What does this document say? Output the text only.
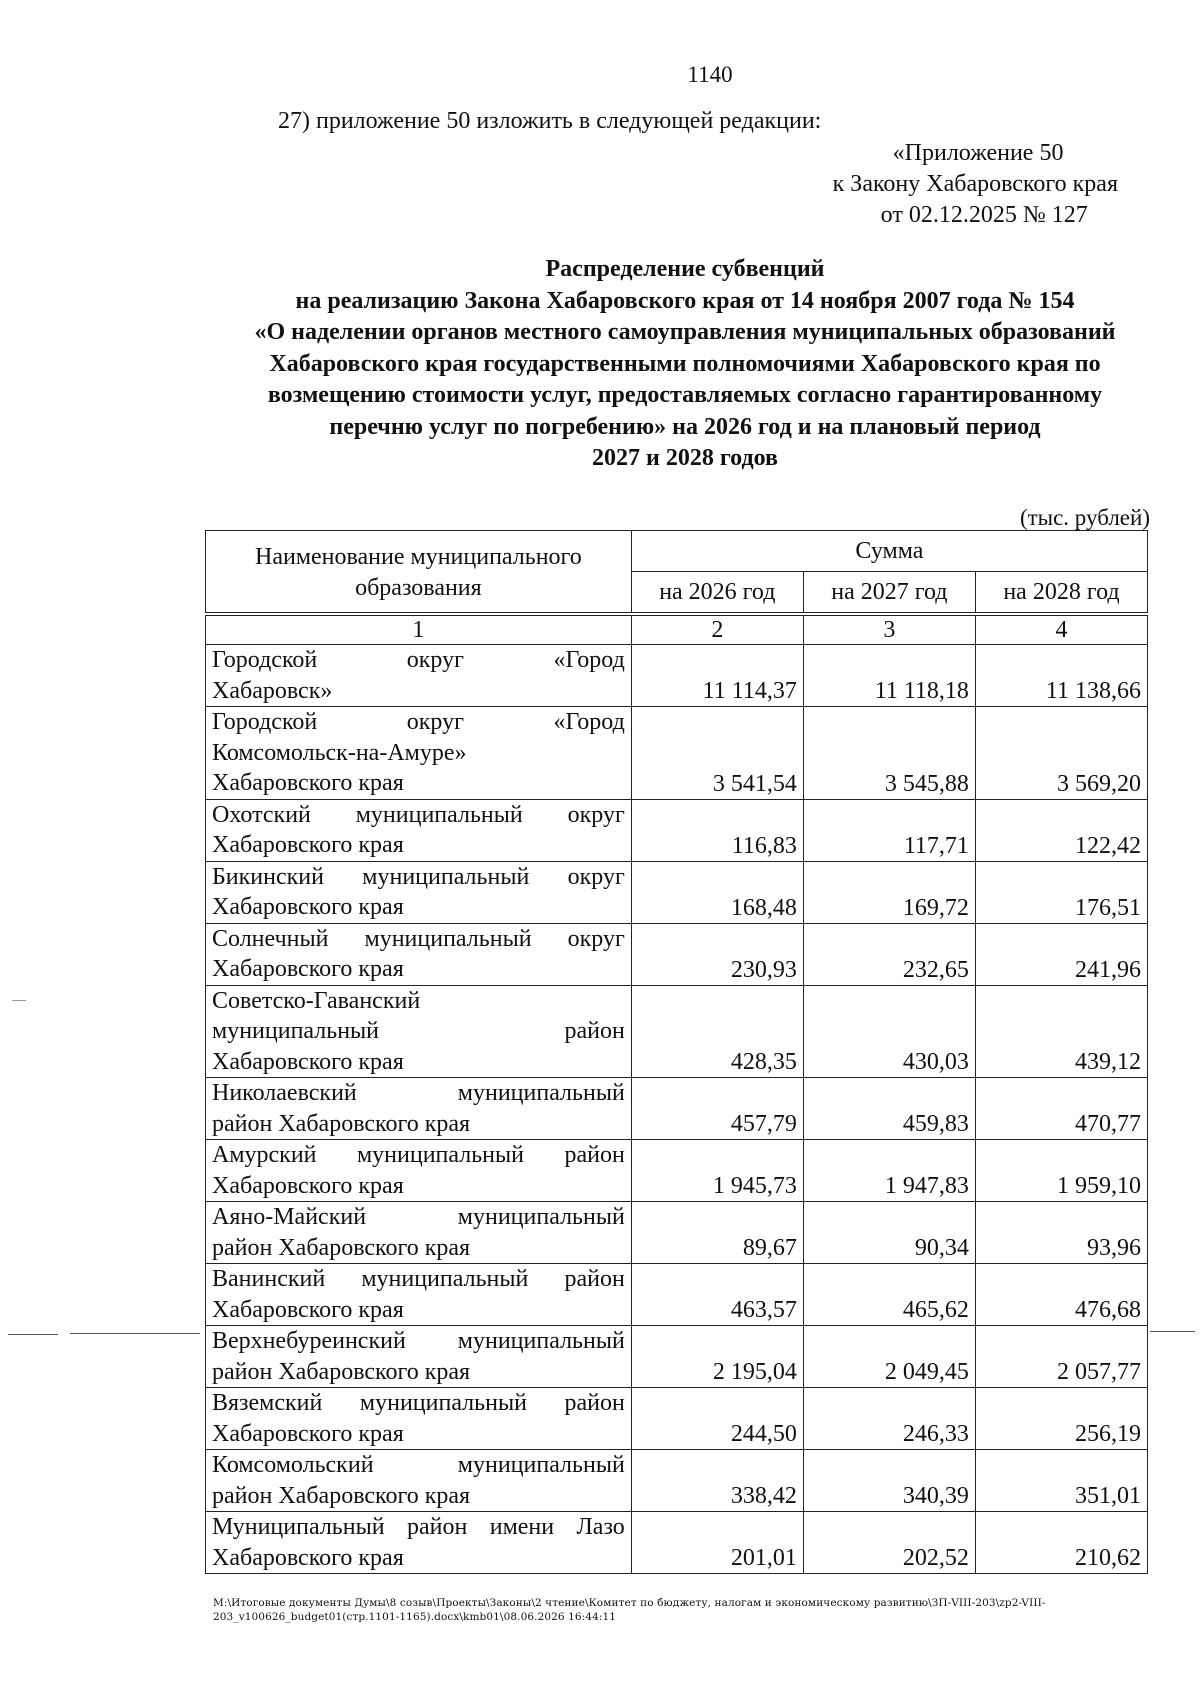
1140
27) приложение 50 изложить в следующей редакции:
«Приложение 50
к Закону Хабаровского края
от 02.12.2025 № 127
Распределение субвенций
на реализацию Закона Хабаровского края от 14 ноября 2007 года № 154
«О наделении органов местного самоуправления муниципальных образований
Хабаровского края государственными полномочиями Хабаровского края по
возмещению стоимости услуг, предоставляемых согласно гарантированному
перечню услуг по погребению» на 2026 год и на плановый период
2027 и 2028 годов
(тыс. рублей)
Наименование муниципального образования	Сумма		
	на 2026 год	на 2027 год	на 2028 год
1	2	3	4

Городской округ «Город
Хабаровск»	11 114,37	11 118,18	11 138,66

Городской округ «Город
Комсомольск-на-Амуре»
Хабаровского края	3 541,54	3 545,88	3 569,20

Охотский муниципальный округ
Хабаровского края	116,83	117,71	122,42

Бикинский муниципальный округ
Хабаровского края	168,48	169,72	176,51

Солнечный муниципальный округ
Хабаровского края	230,93	232,65	241,96

Советско-Гаванский
муниципальный район
Хабаровского края	428,35	430,03	439,12

Николаевский муниципальный
район Хабаровского края	457,79	459,83	470,77

Амурский муниципальный район
Хабаровского края	1 945,73	1 947,83	1 959,10

Аяно-Майский муниципальный
район Хабаровского края	89,67	90,34	93,96

Ванинский муниципальный район
Хабаровского края	463,57	465,62	476,68

Верхнебуреинский муниципальный
район Хабаровского края	2 195,04	2 049,45	2 057,77

Вяземский муниципальный район
Хабаровского края	244,50	246,33	256,19

Комсомольский муниципальный
район Хабаровского края	338,42	340,39	351,01

Муниципальный район имени Лазо
Хабаровского края	201,01	202,52	210,62
M:\Итоговые документы Думы\8 созыв\Проекты\Законы\2 чтение\Комитет по бюджету, налогам и экономическому развитию\ЗП-VIII-203\zp2-VIII-203_v100626_budget01(стр.1101-1165).docx\kmb01\08.06.2026 16:44:11
